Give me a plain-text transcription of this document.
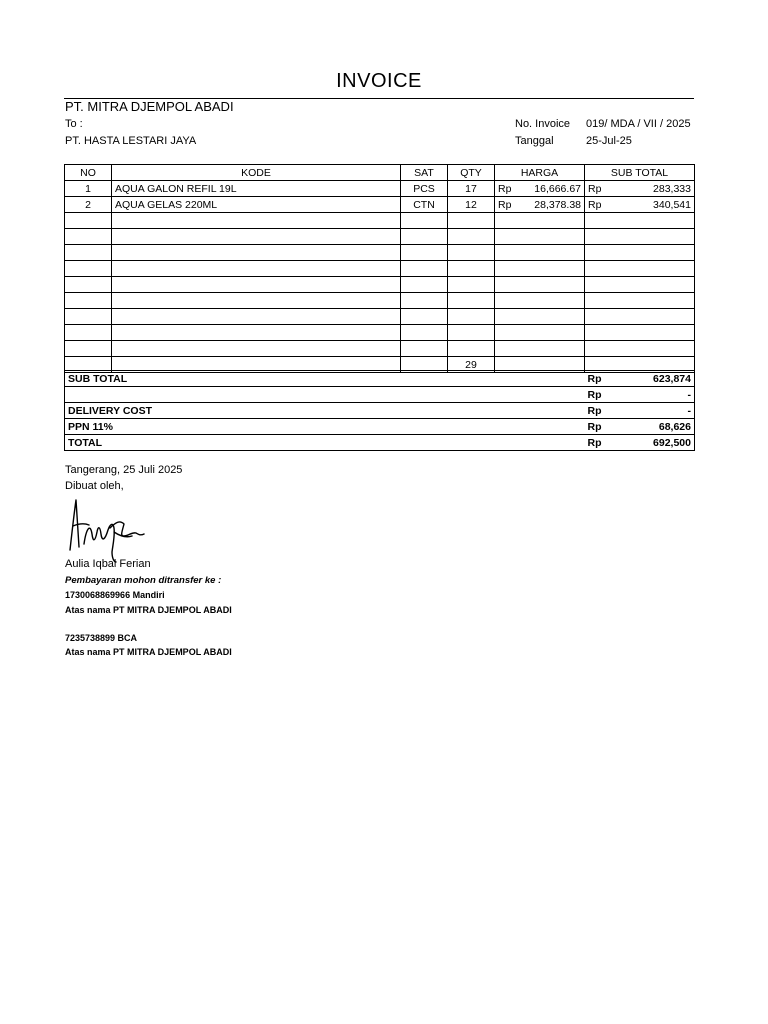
INVOICE
PT. MITRA DJEMPOL ABADI
To :
PT. HASTA LESTARI JAYA
No. Invoice 019/ MDA / VII / 2025
Tanggal	25-Jul-25
NO	KODE	SAT	QTY	HARGA	SUB TOTAL
1	AQUA GALON REFIL 19L	PCS	17	Rp 16,666.67	Rp 283,333

2	AQUA GELAS 220ML	CTN	12	Rp 28,378.38	Rp 340,541

			29		
SUB TOTAL	Rp	623,874
	Rp	-
DELIVERY COST	Rp	-
PPN 11%	Rp	68,626
TOTAL	Rp	692,500
Tangerang, 25 Juli 2025
Dibuat oleh,
Aulia Iqbal Ferian
Pembayaran mohon ditransfer ke :
1730068869966 Mandiri
Atas nama PT MITRA DJEMPOL ABADI
7235738899 BCA
Atas nama PT MITRA DJEMPOL ABADI
